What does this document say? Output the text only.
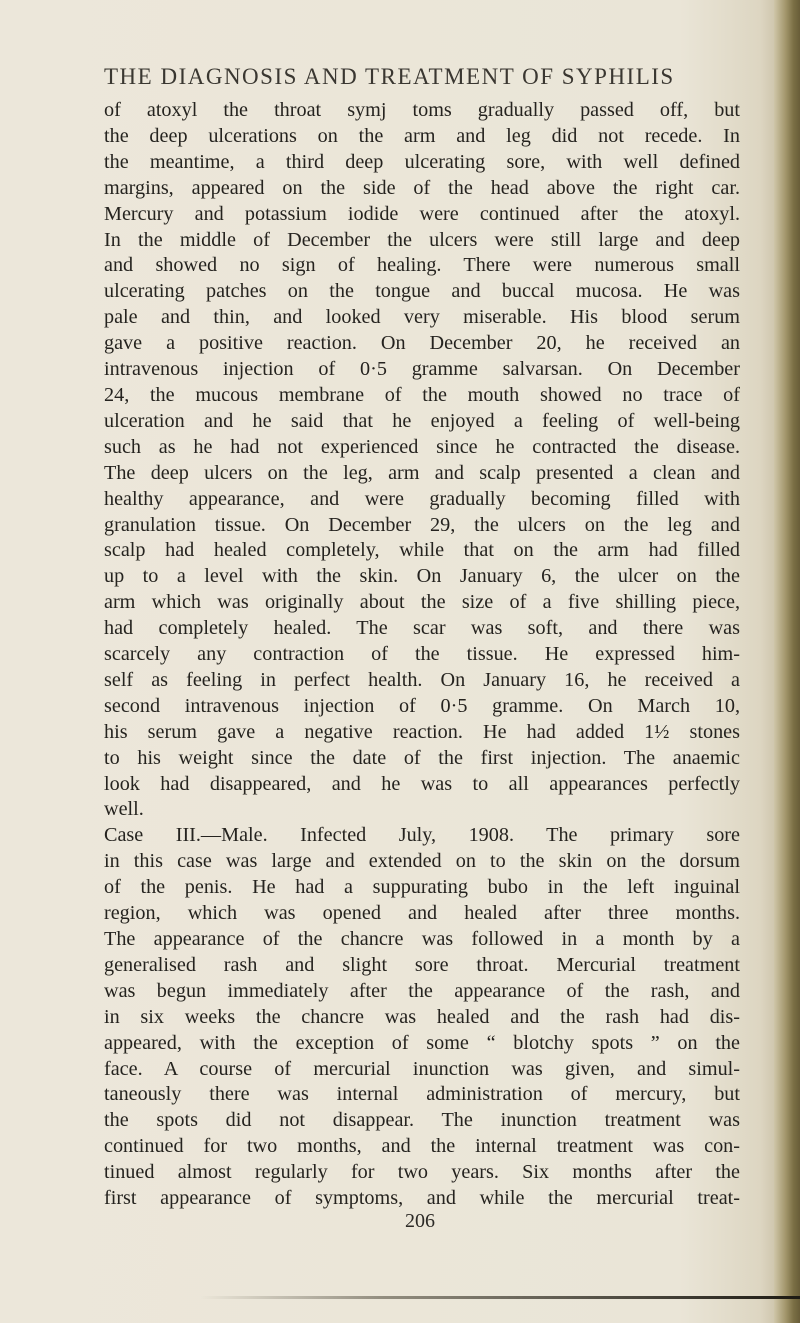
THE DIAGNOSIS AND TREATMENT OF SYPHILIS
of atoxyl the throat symj toms gradually passed off, but
the deep ulcerations on the arm and leg did not recede. In
the meantime, a third deep ulcerating sore, with well defined
margins, appeared on the side of the head above the right car.
Mercury and potassium iodide were continued after the atoxyl.
In the middle of December the ulcers were still large and deep
and showed no sign of healing. There were numerous small
ulcerating patches on the tongue and buccal mucosa. He was
pale and thin, and looked very miserable. His blood serum
gave a positive reaction. On December 20, he received an
intravenous injection of 0·5 gramme salvarsan. On December
24, the mucous membrane of the mouth showed no trace of
ulceration and he said that he enjoyed a feeling of well-being
such as he had not experienced since he contracted the disease.
The deep ulcers on the leg, arm and scalp presented a clean and
healthy appearance, and were gradually becoming filled with
granulation tissue. On December 29, the ulcers on the leg and
scalp had healed completely, while that on the arm had filled
up to a level with the skin. On January 6, the ulcer on the
arm which was originally about the size of a five shilling piece,
had completely healed. The scar was soft, and there was
scarcely any contraction of the tissue. He expressed him-
self as feeling in perfect health. On January 16, he received a
second intravenous injection of 0·5 gramme. On March 10,
his serum gave a negative reaction. He had added 1½ stones
to his weight since the date of the first injection. The anaemic
look had disappeared, and he was to all appearances perfectly
well.
Case III.—Male. Infected July, 1908. The primary sore
in this case was large and extended on to the skin on the dorsum
of the penis. He had a suppurating bubo in the left inguinal
region, which was opened and healed after three months.
The appearance of the chancre was followed in a month by a
generalised rash and slight sore throat. Mercurial treatment
was begun immediately after the appearance of the rash, and
in six weeks the chancre was healed and the rash had dis-
appeared, with the exception of some “ blotchy spots ” on the
face. A course of mercurial inunction was given, and simul-
taneously there was internal administration of mercury, but
the spots did not disappear. The inunction treatment was
continued for two months, and the internal treatment was con-
tinued almost regularly for two years. Six months after the
first appearance of symptoms, and while the mercurial treat-
206
